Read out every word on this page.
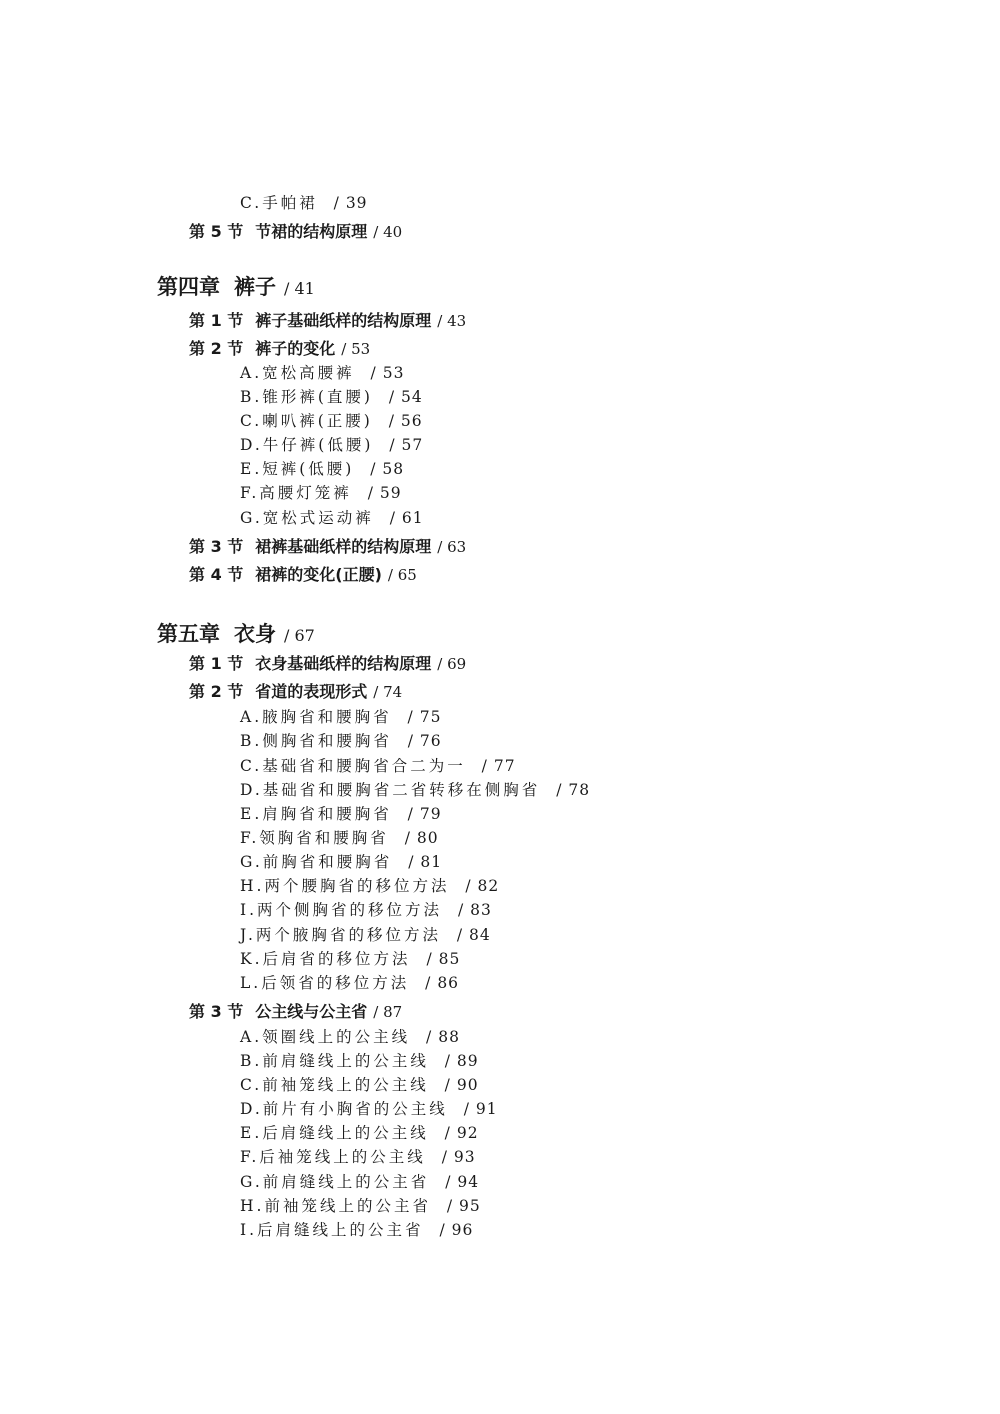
C.手帕裙 / 39
第 5 节 节裙的结构原理 / 40
第四章 裤子 / 41
第 1 节 裤子基础纸样的结构原理 / 43
第 2 节 裤子的变化 / 53
A.宽松高腰裤 / 53
B.锥形裤(直腰) / 54
C.喇叭裤(正腰) / 56
D.牛仔裤(低腰) / 57
E.短裤(低腰) / 58
F.高腰灯笼裤 / 59
G.宽松式运动裤 / 61
第 3 节 裙裤基础纸样的结构原理 / 63
第 4 节 裙裤的变化(正腰) / 65
第五章 衣身 / 67
第 1 节 衣身基础纸样的结构原理 / 69
第 2 节 省道的表现形式 / 74
A.腋胸省和腰胸省 / 75
B.侧胸省和腰胸省 / 76
C.基础省和腰胸省合二为一 / 77
D.基础省和腰胸省二省转移在侧胸省 / 78
E.肩胸省和腰胸省 / 79
F.领胸省和腰胸省 / 80
G.前胸省和腰胸省 / 81
H.两个腰胸省的移位方法 / 82
I.两个侧胸省的移位方法 / 83
J.两个腋胸省的移位方法 / 84
K.后肩省的移位方法 / 85
L.后领省的移位方法 / 86
第 3 节 公主线与公主省 / 87
A.领圈线上的公主线 / 88
B.前肩缝线上的公主线 / 89
C.前袖笼线上的公主线 / 90
D.前片有小胸省的公主线 / 91
E.后肩缝线上的公主线 / 92
F.后袖笼线上的公主线 / 93
G.前肩缝线上的公主省 / 94
H.前袖笼线上的公主省 / 95
I.后肩缝线上的公主省 / 96
